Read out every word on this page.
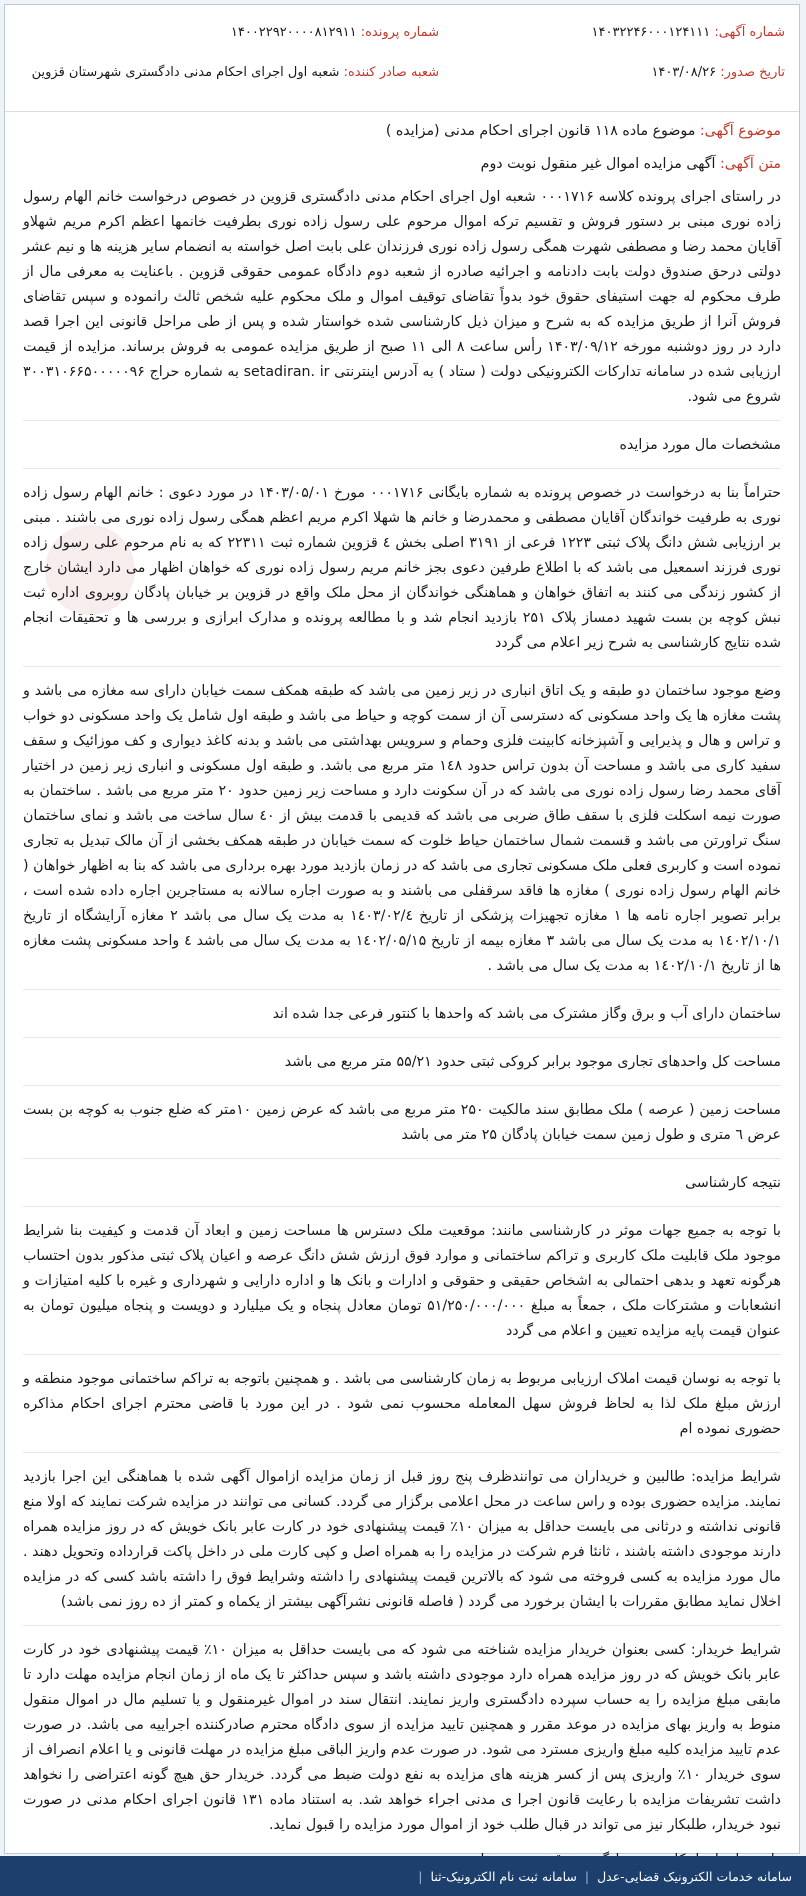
شماره آگهی: ۱۴۰۳۲۲۴۶۰۰۰۱۲۴۱۱۱
شماره پرونده: ۱۴۰۰۲۲۹۲۰۰۰۰۸۱۲۹۱۱
تاریخ صدور: ۱۴۰۳/۰۸/۲۶
شعبه صادر کننده: شعبه اول اجرای احکام مدنی دادگستری شهرستان قزوین
موضوع آگهی: موضوع ماده ۱۱۸ قانون اجرای احکام مدنی (مزایده )
متن آگهی: آگهی مزایده اموال غیر منقول نوبت دوم

در راستای اجرای پرونده کلاسه ۰۰۰۱۷۱۶ شعبه اول اجرای احکام مدنی دادگستری قزوین در خصوص درخواست خانم الهام رسول زاده نوری مبنی بر دستور فروش و تقسیم ترکه اموال مرحوم علی رسول زاده نوری بطرفیت خانمها اعظم اکرم مریم شهلاو آقایان محمد رضا و مصطفی شهرت همگی رسول زاده نوری فرزندان علی بابت اصل خواسته به انضمام سایر هزینه ها و نیم عشر دولتی درحق صندوق دولت بابت دادنامه و اجرائیه صادره از شعبه دوم دادگاه عمومی حقوقی قزوین . باعنایت به معرفی مال از طرف محکوم له جهت استیفای حقوق خود بدواً تقاضای توقیف اموال و ملک محکوم علیه شخص ثالث رانموده و سپس تقاضای فروش آنرا از طریق مزایده که به شرح و میزان ذیل کارشناسی شده خواستار شده و پس از طی مراحل قانونی این اجرا قصد دارد در روز دوشنبه مورخه ۱۴۰۳/۰۹/۱۲ رأس ساعت ۸ الی ۱۱ صبح از طریق مزایده عمومی به فروش برساند. مزایده از قیمت ارزیابی شده در سامانه تدارکات الکترونیکی دولت ( ستاد ) به آدرس اینترنتی setadiran. ir به شماره حراج ۳۰۰۳۱۰۶۶۵۰۰۰۰۰۹۶ شروع می شود.

مشخصات مال مورد مزایده

حتراماً بنا به درخواست در خصوص پرونده به شماره بایگانی ۰۰۰۱۷۱۶ مورخ ۱۴۰۳/۰۵/۰۱ در مورد دعوی : خانم الهام رسول زاده نوری به طرفیت خواندگان آقایان مصطفی و محمدرضا و خانم ها شهلا اکرم مریم اعظم همگی رسول زاده نوری می باشند . مبنی بر ارزیابی شش دانگ پلاک ثبتی ۱۲۲۳ فرعی از ۳۱۹۱ اصلی بخش ٤ قزوین شماره ثبت ۲۲۳۱۱ که به نام مرحوم علی رسول زاده نوری فرزند اسمعیل می باشد که با اطلاع طرفین دعوی بجز خانم مریم رسول زاده نوری که خواهان اظهار می دارد ایشان خارج از کشور زندگی می کنند به اتفاق خواهان و هماهنگی خواندگان از محل ملک واقع در قزوین بر خیابان پادگان روبروی اداره ثبت نبش کوچه بن بست شهید دمساز پلاک ۲۵۱ بازدید انجام شد و با مطالعه پرونده و مدارک ابرازی و بررسی ها و تحقیقات انجام شده نتایج کارشناسی به شرح زیر اعلام می گردد

وضع موجود ساختمان دو طبقه و یک اتاق انباری در زیر زمین می باشد که طبقه همکف سمت خیابان دارای سه مغازه می باشد و پشت مغازه ها یک واحد مسکونی که دسترسی آن از سمت کوچه و حیاط می باشد و طبقه اول شامل یک واحد مسکونی دو خواب و تراس و هال و پذیرایی و آشپزخانه کابینت فلزی وحمام و سرویس بهداشتی می باشد و بدنه کاغذ دیواری و کف موزائیک و سقف سفید کاری می باشد و مساحت آن بدون تراس حدود ۱٤۸ متر مربع می باشد. و طبقه اول مسکونی و انباری زیر زمین در اختیار آقای محمد رضا رسول زاده نوری می باشد که در آن سکونت دارد و مساحت زیر زمین حدود ۲۰ متر مربع می باشد . ساختمان به صورت نیمه اسکلت فلزی با سقف طاق ضربی می باشد که قدیمی با قدمت بیش از ٤۰ سال ساخت می باشد و نمای ساختمان سنگ تراورتن می باشد و قسمت شمال ساختمان حیاط خلوت که سمت خیابان در طبقه همکف بخشی از آن مالک تبدیل به تجاری نموده است و کاربری فعلی ملک مسکونی تجاری می باشد که در زمان بازدید مورد بهره برداری می باشد که بنا به اظهار خواهان ( خانم الهام رسول زاده نوری ) مغازه ها فاقد سرقفلی می باشند و به صورت اجاره سالانه به مستاجرین اجاره داده شده است ، برابر تصویر اجاره نامه ها ۱ مغازه تجهیزات پزشکی از تاریخ ۱٤۰۳/۰۲/٤ به مدت یک سال می باشد ۲ مغازه آرایشگاه از تاریخ ۱٤۰۲/۱۰/۱ به مدت یک سال می باشد ۳ مغازه بیمه از تاریخ ۱٤۰۲/۰۵/۱۵ به مدت یک سال می باشد ٤ واحد مسکونی پشت مغازه ها از تاریخ ۱٤۰۲/۱۰/۱ به مدت یک سال می باشد .

ساختمان دارای آب و برق وگاز مشترک می باشد که واحدها با کنتور فرعی جدا شده اند

مساحت کل واحدهای تجاری موجود برابر کروکی ثبتی حدود ۵۵/۲۱ متر مربع می باشد

مساحت زمین ( عرصه ) ملک مطابق سند مالکیت ۲۵۰ متر مربع می باشد که عرض زمین ۱۰متر که ضلع جنوب به کوچه بن بست عرض ٦ متری و طول زمین سمت خیابان پادگان ۲۵ متر می باشد

نتیجه کارشناسی

با توجه به جمیع جهات موثر در کارشناسی مانند: موقعیت ملک دسترس ها مساحت زمین و ابعاد آن قدمت و کیفیت بنا شرایط موجود ملک قابلیت ملک کاربری و تراکم ساختمانی و موارد فوق ارزش شش دانگ عرصه و اعیان پلاک ثبتی مذکور بدون احتساب هرگونه تعهد و بدهی احتمالی به اشخاص حقیقی و حقوقی و ادارات و بانک ها و اداره دارایی و شهرداری و غیره با کلیه امتیازات و انشعابات و مشترکات ملک ، جمعاً به مبلغ ۵۱/۲۵۰/۰۰۰/۰۰۰ تومان معادل پنجاه و یک میلیارد و دویست و پنجاه میلیون تومان به عنوان قیمت پایه مزایده تعیین و اعلام می گردد

با توجه به نوسان قیمت املاک ارزیابی مربوط به زمان کارشناسی می باشد . و همچنین باتوجه به تراکم ساختمانی موجود منطقه و ارزش مبلغ ملک لذا به لحاظ فروش سهل المعامله محسوب نمی شود . در این مورد با قاضی محترم اجرای احکام مذاکره حضوری نموده ام

شرایط مزایده: طالبین و خریداران می توانندظرف پنج روز قبل از زمان مزایده ازاموال آگهی شده با هماهنگی این اجرا بازدید نمایند. مزایده حضوری بوده و راس ساعت در محل اعلامی برگزار می گردد. کسانی می توانند در مزایده شرکت نمایند که اولا منع قانونی نداشته و درثانی می بایست حداقل به میزان ۱۰٪ قیمت پیشنهادی خود در کارت عابر بانک خویش که در روز مزایده همراه دارند موجودی داشته باشند ، ثانئا فرم شرکت در مزایده را به همراه اصل و کپی کارت ملی در داخل پاکت قرارداده وتحویل دهند . مال مورد مزایده به کسی فروخته می شود که بالاترین قیمت پیشنهادی را داشته وشرایط فوق را داشته باشد کسی که در مزایده اخلال نماید مطابق مقررات با ایشان برخورد می گردد ( فاصله قانونی نشرآگهی بیشتر از یکماه و کمتر از ده روز نمی باشد)

شرایط خریدار: کسی بعنوان خریدار مزایده شناخته می شود که می بایست حداقل به میزان ۱۰٪ قیمت پیشنهادی خود در کارت عابر بانک خویش که در روز مزایده همراه دارد موجودی داشته باشد و سپس حداکثر تا یک ماه از زمان انجام مزایده مهلت دارد تا مابقی مبلغ مزایده را به حساب سپرده دادگستری واریز نمایند. انتقال سند در اموال غیرمنقول و یا تسلیم مال در اموال منقول منوط به واریز بهای مزایده در موعد مقرر و همچنین تایید مزایده از سوی دادگاه محترم صادرکننده اجراییه می باشد. در صورت عدم تایید مزایده کلیه مبلغ واریزی مسترد می شود. در صورت عدم واریز الباقی مبلغ مزایده در مهلت قانونی و یا اعلام انصراف از سوی خریدار ۱۰٪ واریزی پس از کسر هزینه های مزایده به نفع دولت ضبط می گردد. خریدار حق هیچ گونه اعتراضی را نخواهد داشت تشریفات مزایده با رعایت قانون اجرا ی مدنی اجراء خواهد شد. به استناد ماده ۱۳۱ قانون اجرای احکام مدنی در صورت نبود خریدار، طلبکار نیز می تواند در قبال طلب خود از اموال مورد مزایده را قبول نماید.

سامانه خدمات الکترونیک قضایی-عدل
|
سامانه ثبت نام الکترونیک-ثنا
|
